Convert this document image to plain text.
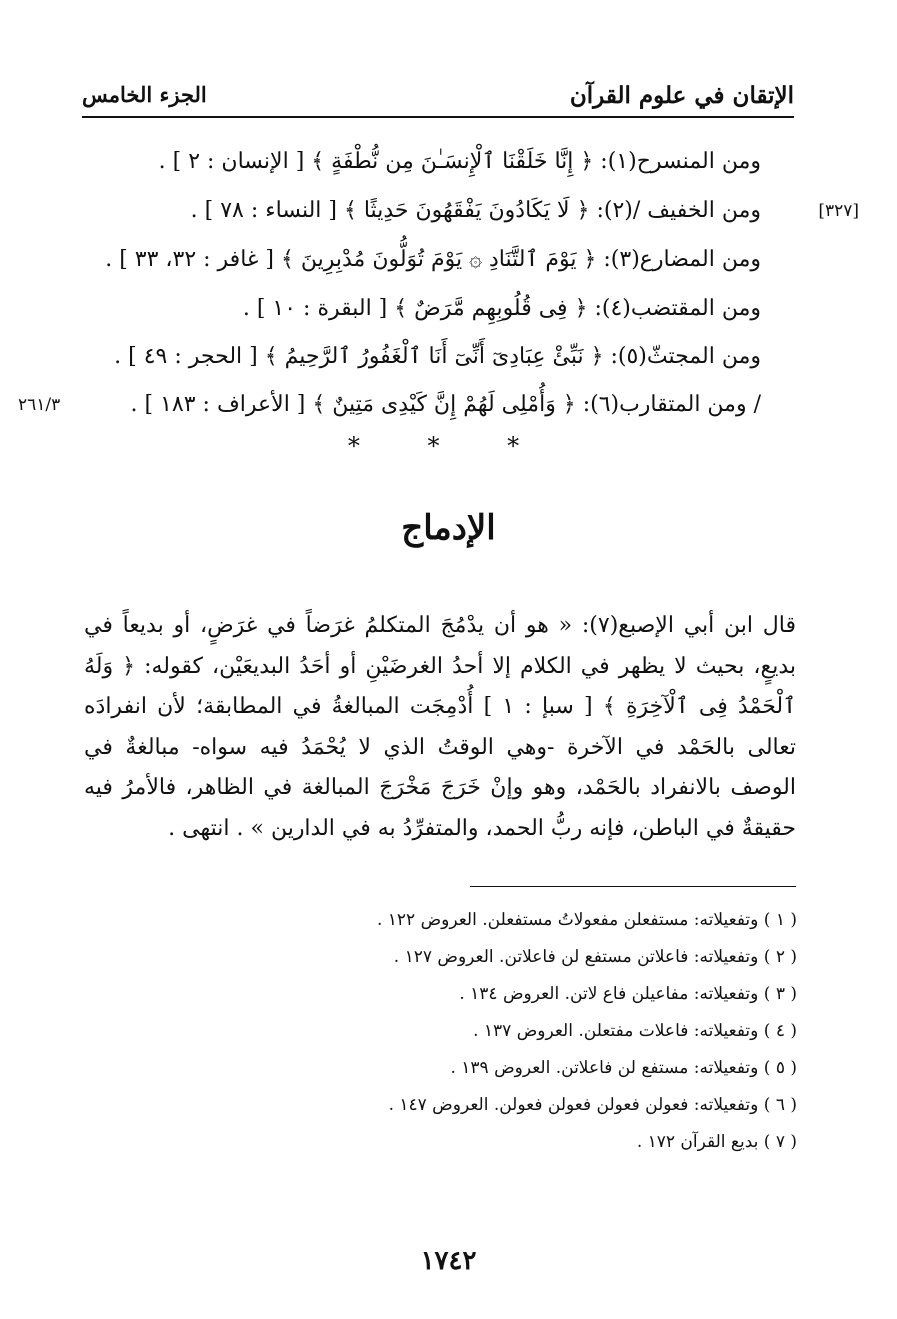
الإتقان في علوم القرآن
الجزء الخامس
ومن المنسرح(١): ﴿ إِنَّا خَلَقْنَا ٱلْإِنسَـٰنَ مِن نُّطْفَةٍ ﴾ [ الإنسان : ٢ ] .
ومن الخفيف /(٢): ﴿ لَا يَكَادُونَ يَفْقَهُونَ حَدِيثًا ﴾ [ النساء : ٧٨ ] .
ومن المضارع(٣): ﴿ يَوْمَ ٱلتَّنَادِ ۞ يَوْمَ تُوَلُّونَ مُدْبِرِينَ ﴾ [ غافر : ٣٢، ٣٣ ] .
ومن المقتضب(٤): ﴿ فِى قُلُوبِهِم مَّرَضٌ ﴾ [ البقرة : ١٠ ] .
ومن المجتثّ(٥): ﴿ نَبِّئْ عِبَادِىٓ أَنِّىٓ أَنَا ٱلْغَفُورُ ٱلرَّحِيمُ ﴾ [ الحجر : ٤٩ ] .
/ ومن المتقارب(٦): ﴿ وَأُمْلِى لَهُمْ إِنَّ كَيْدِى مَتِينٌ ﴾ [ الأعراف : ١٨٣ ] .
[٣٢٧]
٢٦١/٣
* * *
الإدماج
قال ابن أبي الإصبع(٧): « هو أن يدْمُجَ المتكلمُ غرَضاً في غرَضٍ، أو بديعاً في بديعٍ، بحيث لا يظهر في الكلام إلا أحدُ الغرضَيْنِ أو أحَدُ البديعَيْن، كقوله: ﴿ وَلَهُ ٱلْحَمْدُ فِى ٱلْآخِرَةِ ﴾ [ سبإ : ١ ] أُدْمِجَت المبالغةُ في المطابقة؛ لأن انفرادَه تعالى بالحَمْد في الآخرة -وهي الوقتُ الذي لا يُحْمَدُ فيه سواه- مبالغةٌ في الوصف بالانفراد بالحَمْد، وهو وإنْ خَرَجَ مَخْرَجَ المبالغة في الظاهر، فالأمرُ فيه حقيقةٌ في الباطن، فإنه ربُّ الحمد، والمتفرِّدُ به في الدارين » . انتهى .
( ١ ) وتفعيلاته: مستفعلن مفعولاتُ مستفعلن. العروض ١٢٢ .
( ٢ ) وتفعيلاته: فاعلاتن مستفع لن فاعلاتن. العروض ١٢٧ .
( ٣ ) وتفعيلاته: مفاعيلن فاع لاتن. العروض ١٣٤ .
( ٤ ) وتفعيلاته: فاعلات مفتعلن. العروض ١٣٧ .
( ٥ ) وتفعيلاته: مستفع لن فاعلاتن. العروض ١٣٩ .
( ٦ ) وتفعيلاته: فعولن فعولن فعولن فعولن. العروض ١٤٧ .
( ٧ ) بديع القرآن ١٧٢ .
١٧٤٢
